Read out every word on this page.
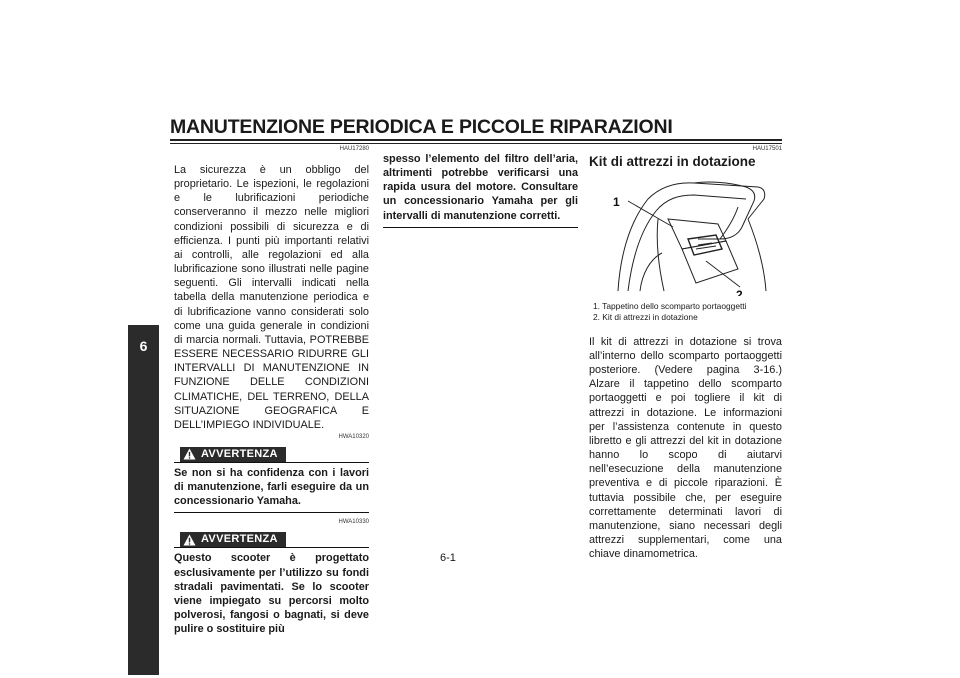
MANUTENZIONE PERIODICA E PICCOLE RIPARAZIONI
6
HAU17280

La sicurezza è un obbligo del proprietario. Le ispezioni, le regolazioni e le lubrificazioni periodiche conserveranno il mezzo nelle migliori condizioni possibili di sicurezza e di efficienza. I punti più importanti relativi ai controlli, alle regolazioni ed alla lubrificazione sono illustrati nelle pagine seguenti. Gli intervalli indicati nella tabella della manutenzione periodica e di lubrificazione vanno considerati solo come una guida generale in condizioni di marcia normali. Tuttavia, POTREBBE ESSERE NECESSARIO RIDURRE GLI INTERVALLI DI MANUTENZIONE IN FUNZIONE DELLE CONDIZIONI CLIMATICHE, DEL TERRENO, DELLA SITUAZIONE GEOGRAFICA E DELL’IMPIEGO INDIVIDUALE.

HWA10320
AVVERTENZA

Se non si ha confidenza con i lavori di manutenzione, farli eseguire da un concessionario Yamaha.

HWA10330
AVVERTENZA

Questo scooter è progettato esclusivamente per l’utilizzo su fondi stradali pavimentati. Se lo scooter viene impiegato su percorsi molto polverosi, fangosi o bagnati, si deve pulire o sostituire più

spesso l’elemento del filtro dell’aria, altrimenti potrebbe verificarsi una rapida usura del motore. Consultare un concessionario Yamaha per gli intervalli di manutenzione corretti.

HAU17501
Kit di attrezzi in dotazione
1
2
1. Tappetino dello scomparto portaoggetti
2. Kit di attrezzi in dotazione

Il kit di attrezzi in dotazione si trova all’interno dello scomparto portaoggetti posteriore. (Vedere pagina 3-16.) Alzare il tappetino dello scomparto portaoggetti e poi togliere il kit di attrezzi in dotazione. Le informazioni per l’assistenza contenute in questo libretto e gli attrezzi del kit in dotazione hanno lo scopo di aiutarvi nell’esecuzione della manutenzione preventiva e di piccole riparazioni. È tuttavia possibile che, per eseguire correttamente determinati lavori di manutenzione, siano necessari degli attrezzi supplementari, come una chiave dinamometrica.

6-1
